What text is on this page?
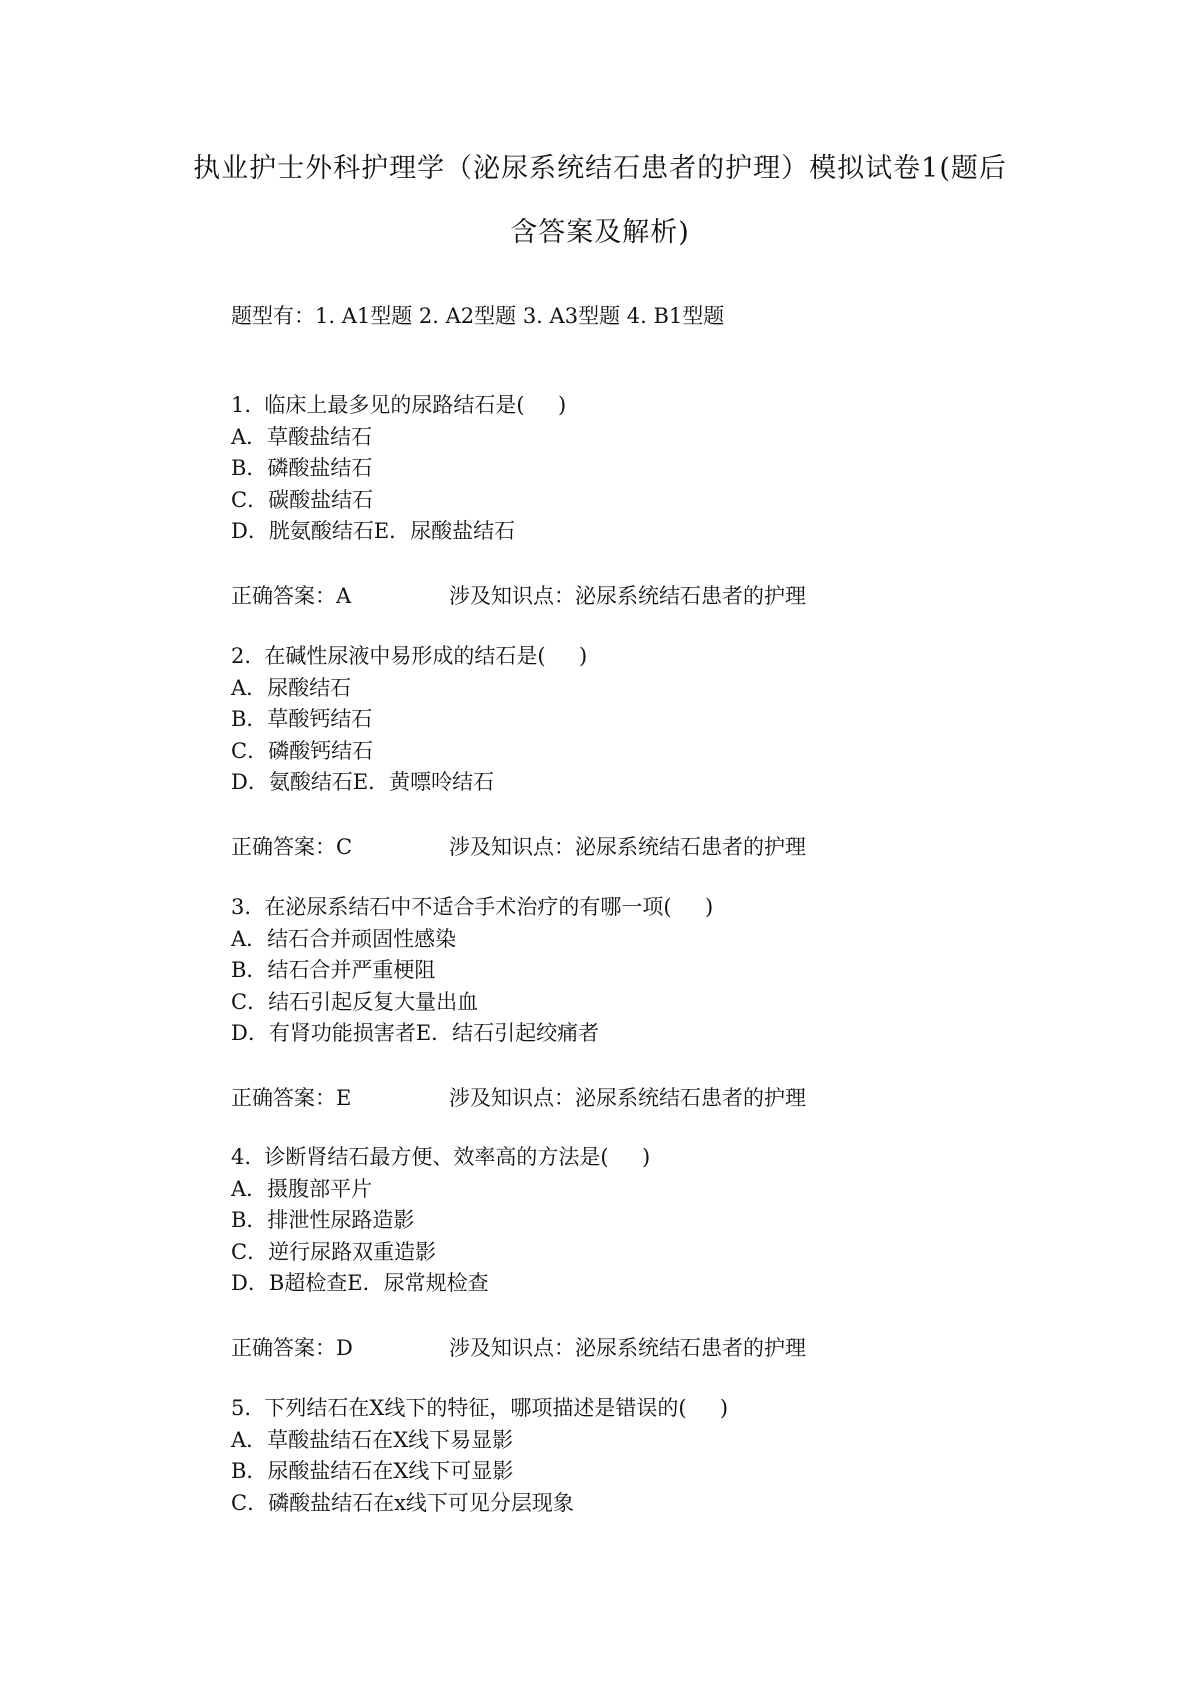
执业护士外科护理学（泌尿系统结石患者的护理）模拟试卷1(题后
含答案及解析)
题型有：1. A1型题 2. A2型题 3. A3型题 4. B1型题
1.  临床上最多见的尿路结石是(     )
A．草酸盐结石
B．磷酸盐结石
C．碳酸盐结石
D．胱氨酸结石E．尿酸盐结石
正确答案：A	涉及知识点：泌尿系统结石患者的护理
2.  在碱性尿液中易形成的结石是(     )
A．尿酸结石
B．草酸钙结石
C．磷酸钙结石
D．氨酸结石E．黄嘌呤结石
正确答案：C	涉及知识点：泌尿系统结石患者的护理
3.  在泌尿系结石中不适合手术治疗的有哪一项(     )
A．结石合并顽固性感染
B．结石合并严重梗阻
C．结石引起反复大量出血
D．有肾功能损害者E．结石引起绞痛者
正确答案：E	涉及知识点：泌尿系统结石患者的护理
4.  诊断肾结石最方便、效率高的方法是(     )
A．摄腹部平片
B．排泄性尿路造影
C．逆行尿路双重造影
D．B超检查E．尿常规检查
正确答案：D	涉及知识点：泌尿系统结石患者的护理
5.  下列结石在X线下的特征，哪项描述是错误的(     )
A．草酸盐结石在X线下易显影
B．尿酸盐结石在X线下可显影
C．磷酸盐结石在x线下可见分层现象
